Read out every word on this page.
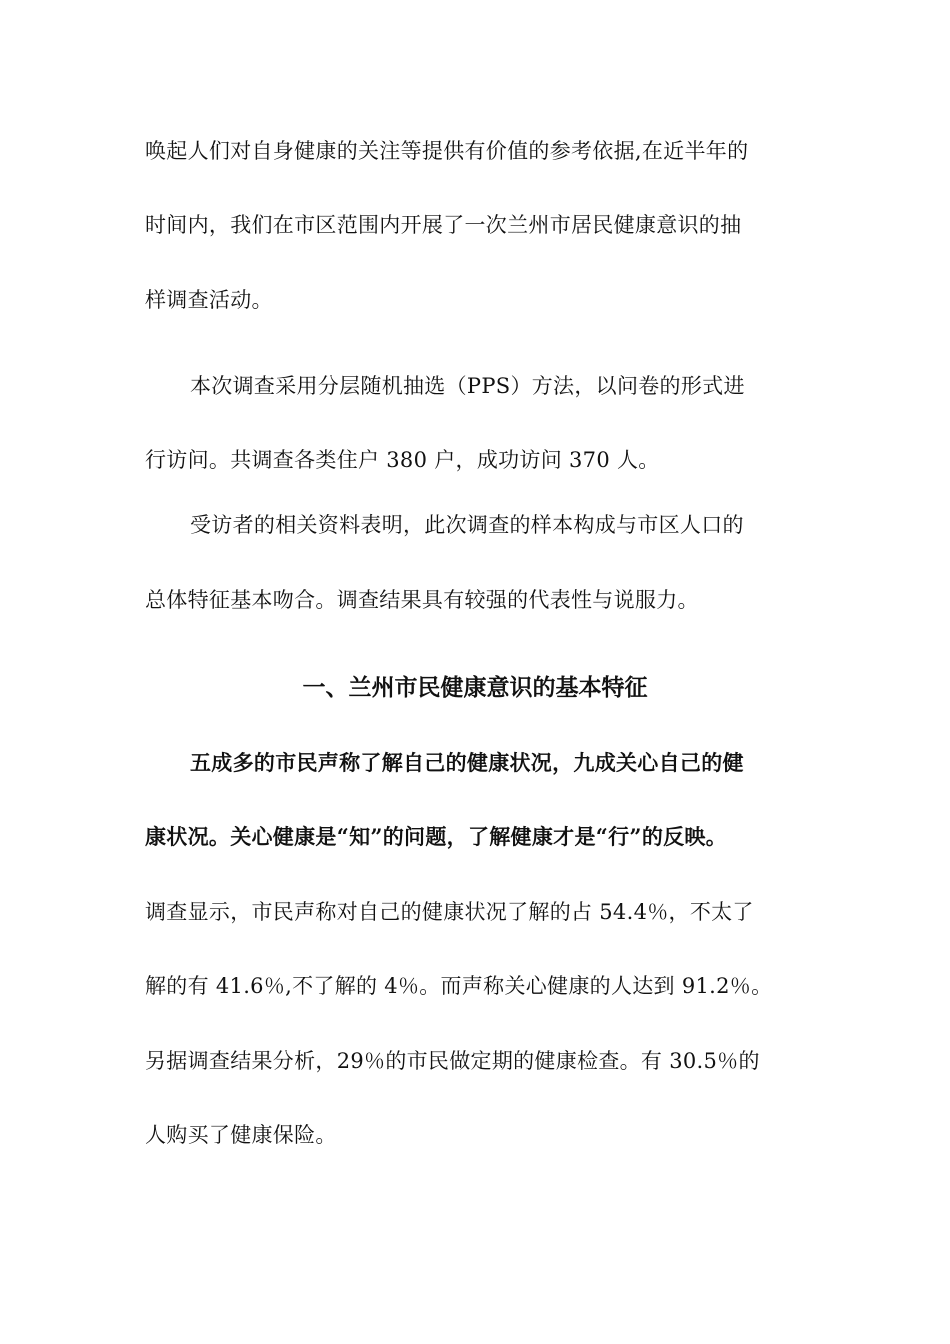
唤起人们对自身健康的关注等提供有价值的参考依据,在近半年的
时间内，我们在市区范围内开展了一次兰州市居民健康意识的抽
样调查活动。
本次调查采用分层随机抽选（PPS）方法，以问卷的形式进
行访问。共调查各类住户 380 户，成功访问 370 人。
受访者的相关资料表明，此次调查的样本构成与市区人口的
总体特征基本吻合。调查结果具有较强的代表性与说服力。
一、兰州市民健康意识的基本特征
五成多的市民声称了解自己的健康状况，九成关心自己的健
康状况。关心健康是“知”的问题，了解健康才是“行”的反映。
调查显示，市民声称对自己的健康状况了解的占 54.4％，不太了
解的有 41.6％,不了解的 4％。而声称关心健康的人达到 91.2％。
另据调查结果分析，29％的市民做定期的健康检查。有 30.5％的
人购买了健康保险。
